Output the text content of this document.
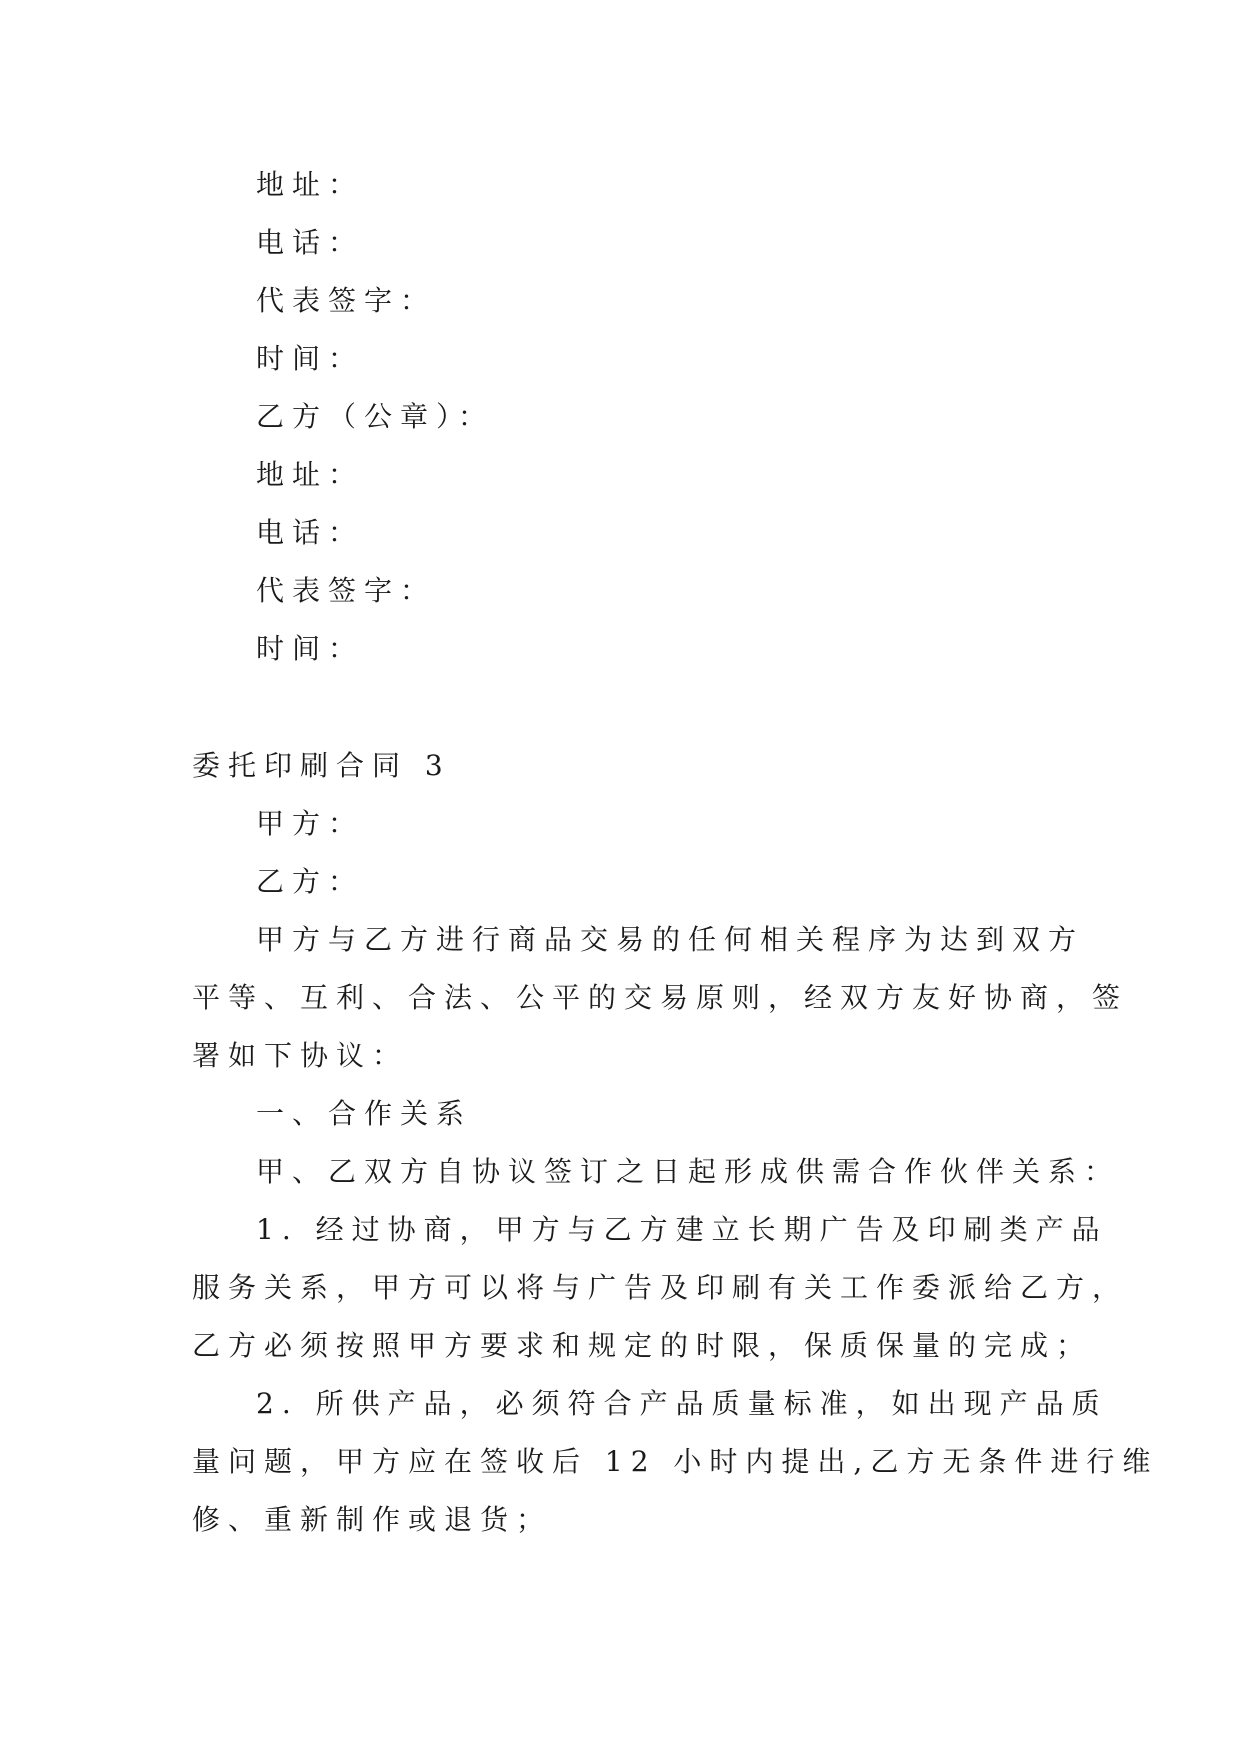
地址：
电话：
代表签字：
时间：
乙方（公章）：
地址：
电话：
代表签字：
时间：
委托印刷合同 3
甲方：
乙方：
甲方与乙方进行商品交易的任何相关程序为达到双方
平等、互利、合法、公平的交易原则，经双方友好协商，签
署如下协议：
一、合作关系
甲、乙双方自协议签订之日起形成供需合作伙伴关系：
1. 经过协商，甲方与乙方建立长期广告及印刷类产品
服务关系，甲方可以将与广告及印刷有关工作委派给乙方，
乙方必须按照甲方要求和规定的时限，保质保量的完成；
2. 所供产品，必须符合产品质量标准，如出现产品质
量问题，甲方应在签收后 12 小时内提出,乙方无条件进行维
修、重新制作或退货；
